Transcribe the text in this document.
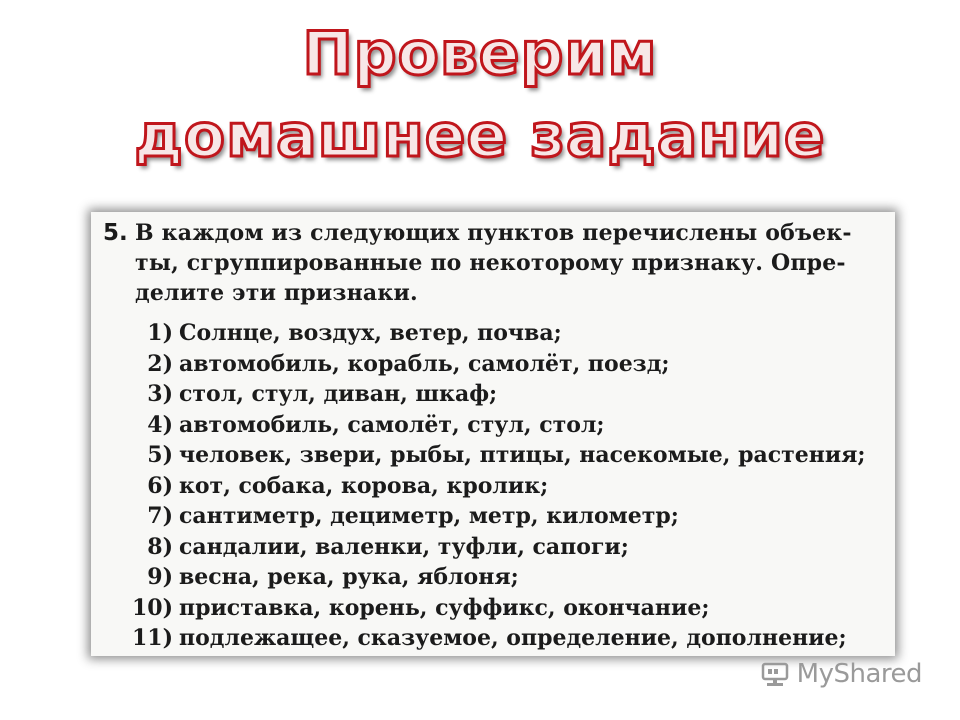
Проверим
домашнее задание
5. В каждом из следующих пунктов перечислены объек-

ты, сгруппированные по некоторому признаку. Опре-

делите эти признаки.

1) Солнце, воздух, ветер, почва;
2) автомобиль, корабль, самолёт, поезд;
3) стол, стул, диван, шкаф;
4) автомобиль, самолёт, стул, стол;
5) человек, звери, рыбы, птицы, насекомые, растения;
6) кот, собака, корова, кролик;
7) сантиметр, дециметр, метр, километр;
8) сандалии, валенки, туфли, сапоги;
9) весна, река, рука, яблоня;
10) приставка, корень, суффикс, окончание;
11) подлежащее, сказуемое, определение, дополнение;
MyShared
